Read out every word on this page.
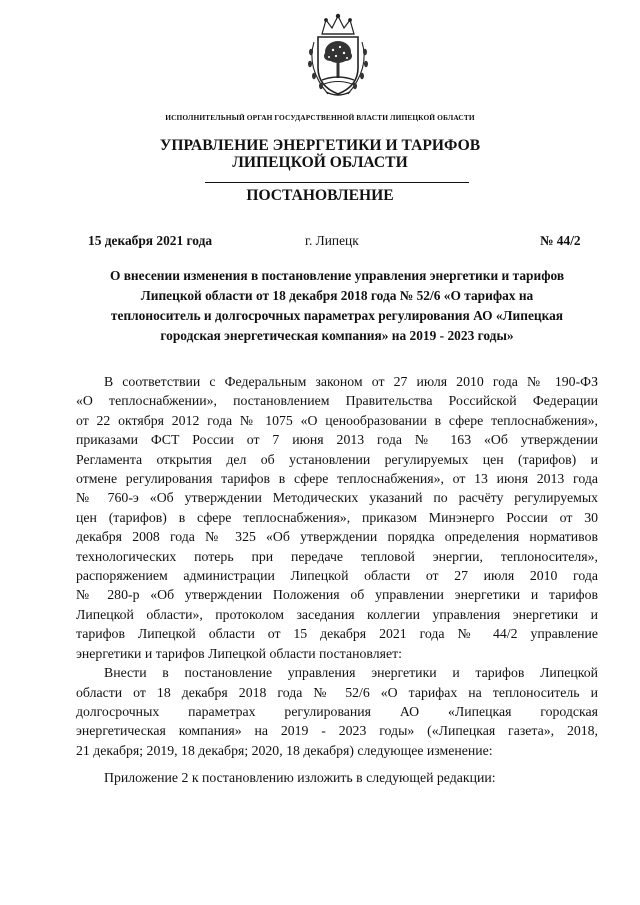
ИСПОЛНИТЕЛЬНЫЙ ОРГАН ГОСУДАРСТВЕННОЙ ВЛАСТИ ЛИПЕЦКОЙ ОБЛАСТИ
УПРАВЛЕНИЕ ЭНЕРГЕТИКИ И ТАРИФОВ
ЛИПЕЦКОЙ ОБЛАСТИ
ПОСТАНОВЛЕНИЕ
15 декабря 2021 года	г. Липецк	№ 44/2
О внесении изменения в постановление управления энергетики и тарифов
Липецкой области от 18 декабря 2018 года № 52/6 «О тарифах на
теплоноситель и долгосрочных параметрах регулирования АО «Липецкая
городская энергетическая компания» на 2019 - 2023 годы»
В соответствии с Федеральным законом от 27 июля 2010 года № 190-ФЗ
«О теплоснабжении», постановлением Правительства Российской Федерации
от 22 октября 2012 года № 1075 «О ценообразовании в сфере теплоснабжения»,
приказами ФСТ России от 7 июня 2013 года № 163 «Об утверждении
Регламента открытия дел об установлении регулируемых цен (тарифов) и
отмене регулирования тарифов в сфере теплоснабжения», от 13 июня 2013 года
№ 760-э «Об утверждении Методических указаний по расчёту регулируемых
цен (тарифов) в сфере теплоснабжения», приказом Минэнерго России от 30
декабря 2008 года № 325 «Об утверждении порядка определения нормативов
технологических потерь при передаче тепловой энергии, теплоносителя»,
распоряжением администрации Липецкой области от 27 июля 2010 года
№ 280-р «Об утверждении Положения об управлении энергетики и тарифов
Липецкой области», протоколом заседания коллегии управления энергетики и
тарифов Липецкой области от 15 декабря 2021 года № 44/2 управление
энергетики и тарифов Липецкой области постановляет:
Внести в постановление управления энергетики и тарифов Липецкой
области от 18 декабря 2018 года № 52/6 «О тарифах на теплоноситель и
долгосрочных параметрах регулирования АО «Липецкая городская
энергетическая компания» на 2019 - 2023 годы» («Липецкая газета», 2018,
21 декабря; 2019, 18 декабря; 2020, 18 декабря) следующее изменение:
Приложение 2 к постановлению изложить в следующей редакции:
